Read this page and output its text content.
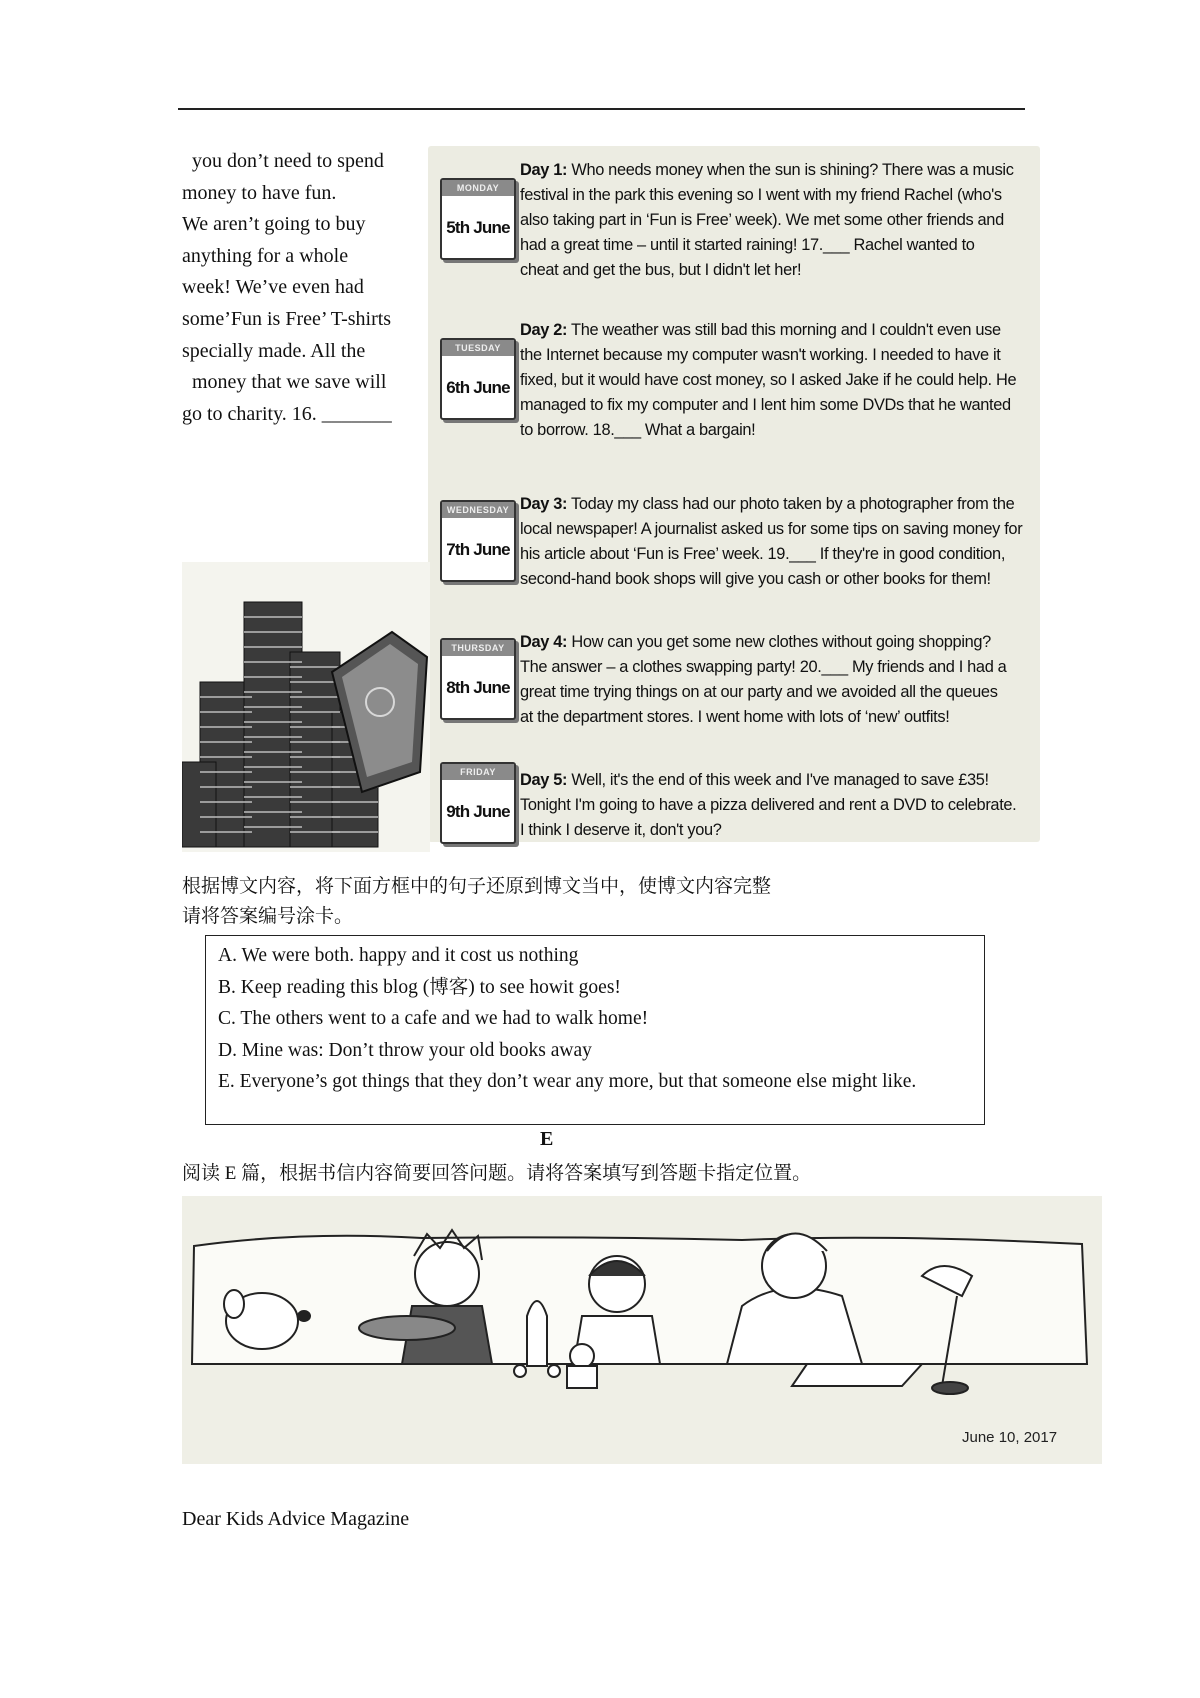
you don’t need to spend
money to have fun.
We aren’t going to buy
anything for a whole
week! We’ve even had
some’Fun is Free’ T-shirts
specially made. All the
money that we save will
go to charity. 16. _______
MONDAY
5th June
Day 1: Who needs money when the sun is shining? There was a music
festival in the park this evening so I went with my friend Rachel (who's
also taking part in ‘Fun is Free’ week). We met some other friends and
had a great time – until it started raining! 17.___ Rachel wanted to
cheat and get the bus, but I didn't let her!
TUESDAY
6th June
Day 2: The weather was still bad this morning and I couldn't even use
the Internet because my computer wasn't working. I needed to have it
fixed, but it would have cost money, so I asked Jake if he could help. He
managed to fix my computer and I lent him some DVDs that he wanted
to borrow. 18.___ What a bargain!
WEDNESDAY
7th June
Day 3: Today my class had our photo taken by a photographer from the
local newspaper! A journalist asked us for some tips on saving money for
his article about ‘Fun is Free’ week. 19.___ If they're in good condition,
second-hand book shops will give you cash or other books for them!
THURSDAY
8th June
Day 4: How can you get some new clothes without going shopping?
The answer – a clothes swapping party! 20.___ My friends and I had a
great time trying things on at our party and we avoided all the queues
at the department stores. I went home with lots of ‘new’ outfits!
FRIDAY
9th June
Day 5: Well, it's the end of this week and I've managed to save £35!
Tonight I'm going to have a pizza delivered and rent a DVD to celebrate.
I think I deserve it, don't you?
根据博文内容，将下面方框中的句子还原到博文当中，使博文内容完整
请将答案编号涂卡。
A. We were both. happy and it cost us nothing
B. Keep reading this blog (博客) to see howit goes!
C. The others went to a cafe and we had to walk home!
D. Mine was: Don’t throw your old books away
E. Everyone’s got things that they don’t wear any more, but that someone else might like.
E
阅读 E 篇，根据书信内容简要回答问题。请将答案填写到答题卡指定位置。
June 10, 2017
Dear Kids Advice Magazine
